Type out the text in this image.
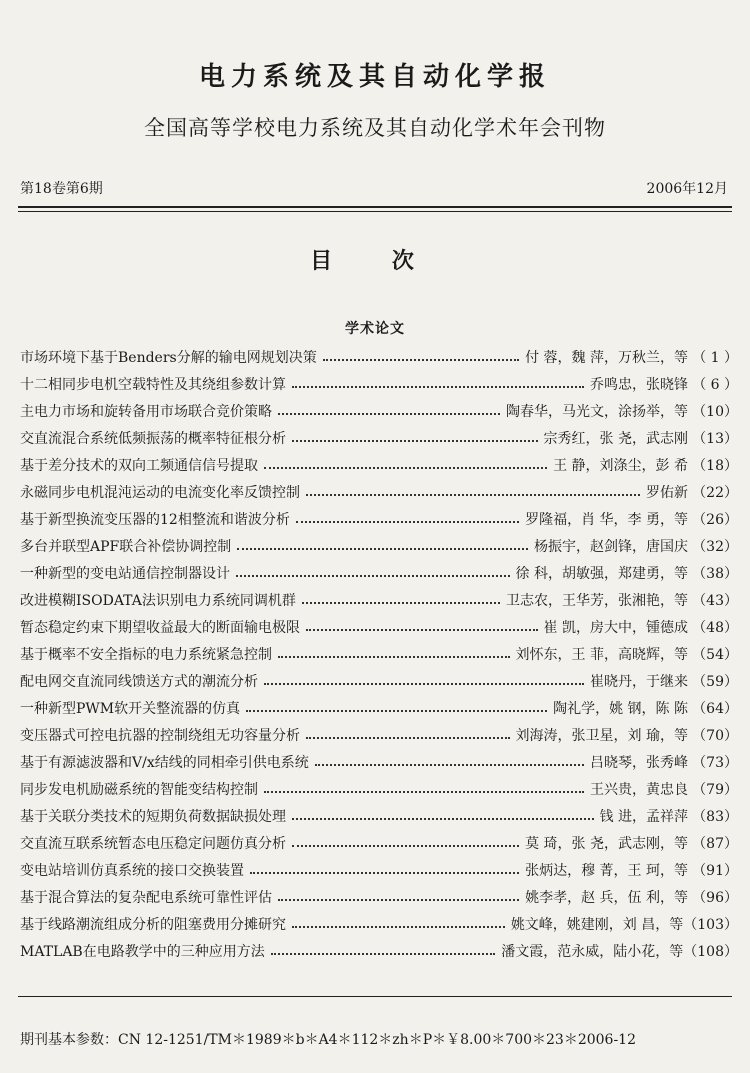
电力系统及其自动化学报
全国高等学校电力系统及其自动化学术年会刊物
第18卷第6期	2006年12月
目 次
学术论文
市场环境下基于Benders分解的输电网规划决策	付 蓉，魏 萍，万秋兰，等 （ 1 ）
十二相同步电机空载特性及其绕组参数计算	乔鸣忠，张晓锋 （ 6 ）
主电力市场和旋转备用市场联合竞价策略	陶春华，马光文，涂扬举，等 （10）
交直流混合系统低频振荡的概率特征根分析	宗秀红，张 尧，武志刚 （13）
基于差分技术的双向工频通信信号提取	王 静，刘涤尘，彭 希 （18）
永磁同步电机混沌运动的电流变化率反馈控制	罗佑新 （22）
基于新型换流变压器的12相整流和谐波分析	罗隆福，肖 华，李 勇，等 （26）
多台并联型APF联合补偿协调控制	杨振宇，赵剑锋，唐国庆 （32）
一种新型的变电站通信控制器设计	徐 科，胡敏强，郑建勇，等 （38）
改进模糊ISODATA法识别电力系统同调机群	卫志农，王华芳，张湘艳，等 （43）
暂态稳定约束下期望收益最大的断面输电极限	崔 凯，房大中，锺德成 （48）
基于概率不安全指标的电力系统紧急控制	刘怀东，王 菲，高晓辉，等 （54）
配电网交直流同线馈送方式的潮流分析	崔晓丹，于继来 （59）
一种新型PWM软开关整流器的仿真	陶礼学，姚 钢，陈 陈 （64）
变压器式可控电抗器的控制绕组无功容量分析	刘海涛，张卫星，刘 瑜，等 （70）
基于有源滤波器和V/x结线的同相牵引供电系统	吕晓琴，张秀峰 （73）
同步发电机励磁系统的智能变结构控制	王兴贵，黄忠良 （79）
基于关联分类技术的短期负荷数据缺损处理	钱 进，孟祥萍 （83）
交直流互联系统暂态电压稳定问题仿真分析	莫 琦，张 尧，武志刚，等 （87）
变电站培训仿真系统的接口交换装置	张炳达，穆 菁，王 珂，等 （91）
基于混合算法的复杂配电系统可靠性评估	姚李孝，赵 兵，伍 利，等 （96）
基于线路潮流组成分析的阻塞费用分摊研究	姚文峰，姚建刚，刘 昌，等 （103）
MATLAB在电路教学中的三种应用方法	潘文霞，范永威，陆小花，等 （108）
期刊基本参数：CN 12-1251/TM＊1989＊b＊A4＊112＊zh＊P＊￥8.00＊700＊23＊2006-12
